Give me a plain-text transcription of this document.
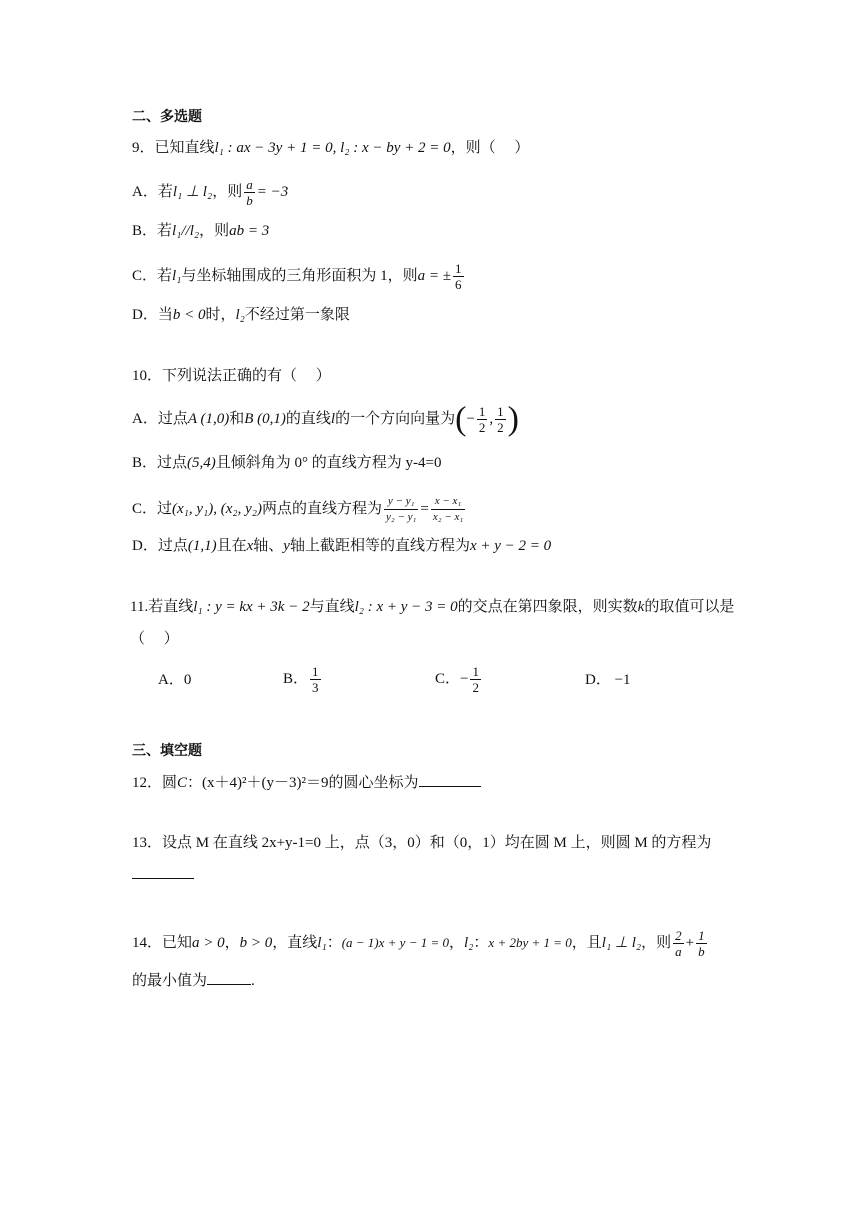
二、多选题
9．已知直线l₁ : ax − 3y + 1 = 0, l₂ : x − by + 2 = 0，则（　 ）
A．若l₁ ⊥ l₂，则 $\frac{a}{b} = -3$
B．若l₁//l₂，则ab = 3
C．若l₁与坐标轴围成的三角形面积为 1，则a = ± $\frac{1}{6}$
D．当b < 0时，l₂不经过第一象限
10．下列说法正确的有（　 ）
A．过点A (1,0)和B (0,1)的直线l的一个方向向量为(− $\frac{1}{2}$ , $\frac{1}{2}$ )
B．过点(5,4)且倾斜角为 0° 的直线方程为 y-4=0
C．过(x₁, y₁), (x₂, y₂)两点的直线方程为 $\frac{\text{y − y₁}}{\text{y₂ − y₁}} = \frac{\text{x − x₁}}{\text{x₂ − x₁}}$
D．过点(1,1)且在x轴、y轴上截距相等的直线方程为x + y − 2 = 0
11.若直线l₁ : y = kx + 3k − 2与直线l₂ : x + y − 3 = 0的交点在第四象限，则实数k的取值可以是
（　 ）
A．0	B． $\frac{1}{3}$	C．− $\frac{1}{2}$	D． −1
三、填空题
12．圆C：(x＋4)²＋(y－3)²＝9的圆心坐标为
13．设点 M 在直线 2x+y-1=0 上，点（3，0）和（0，1）均在圆 M 上，则圆 M 的方程为
14．已知a > 0，b > 0，直线l₁：(a − 1)x + y − 1 = 0，l₂：x + 2by + 1 = 0，且l₁ ⊥ l₂，则 $\frac{2}{a} + \frac{1}{b}$
的最小值为	.
